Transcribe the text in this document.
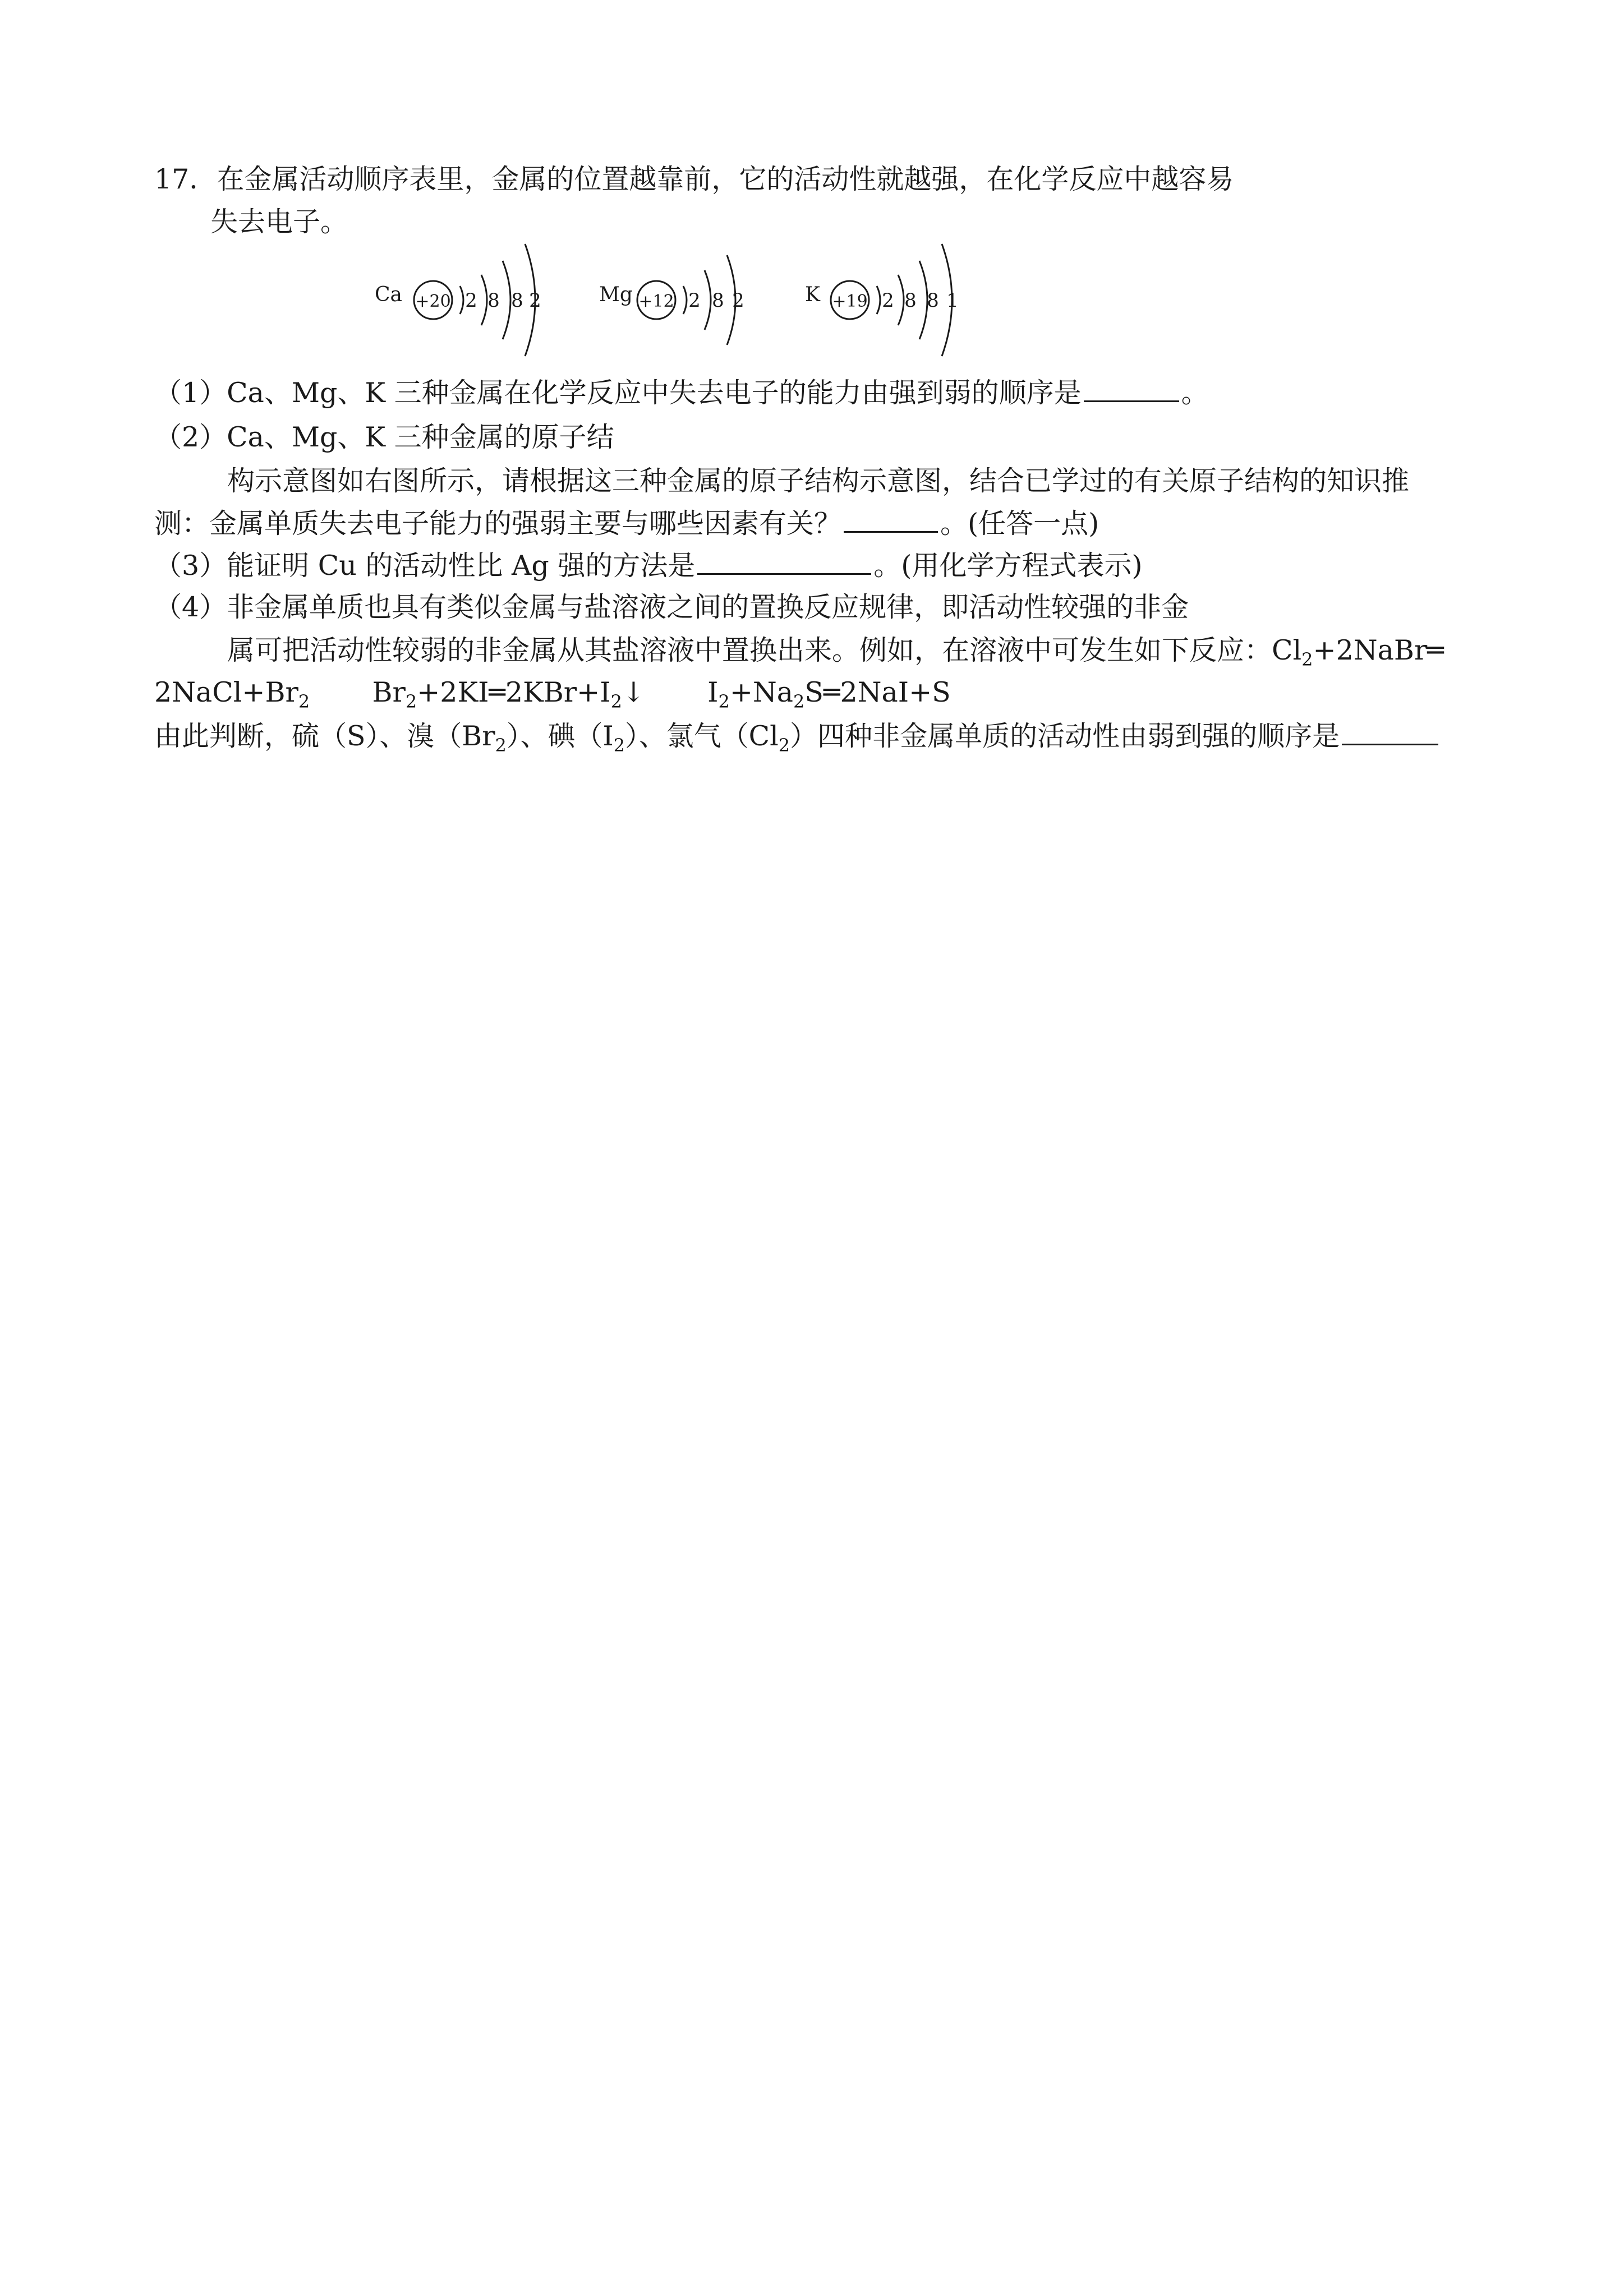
17．在金属活动顺序表里，金属的位置越靠前，它的活动性就越强，在化学反应中越容易
失去电子。
Ca +20 2 8 8 2	Mg +12 2 8 2	K +19 2 8 8 1
（1）Ca、Mg、K 三种金属在化学反应中失去电子的能力由强到弱的顺序是	。
（2）Ca、Mg、K 三种金属的原子结
构示意图如右图所示，请根据这三种金属的原子结构示意图，结合已学过的有关原子结构的知识推
测：金属单质失去电子能力的强弱主要与哪些因素有关？	。(任答一点)
（3）能证明 Cu 的活动性比 Ag 强的方法是	。(用化学方程式表示)
（4）非金属单质也具有类似金属与盐溶液之间的置换反应规律，即活动性较强的非金
属可把活动性较弱的非金属从其盐溶液中置换出来。例如，在溶液中可发生如下反应：$Cl_2+2NaBr═$
$2NaCl+Br_2$ $Br_2+2KI═2KBr+I_2↓$ $I_2+Na_2S═2NaI+S$
由此判断，硫（S）、溴$(Br_2)$、碘$(I_2)$、氯气$(Cl_2)$四种非金属单质的活动性由弱到强的顺序是
